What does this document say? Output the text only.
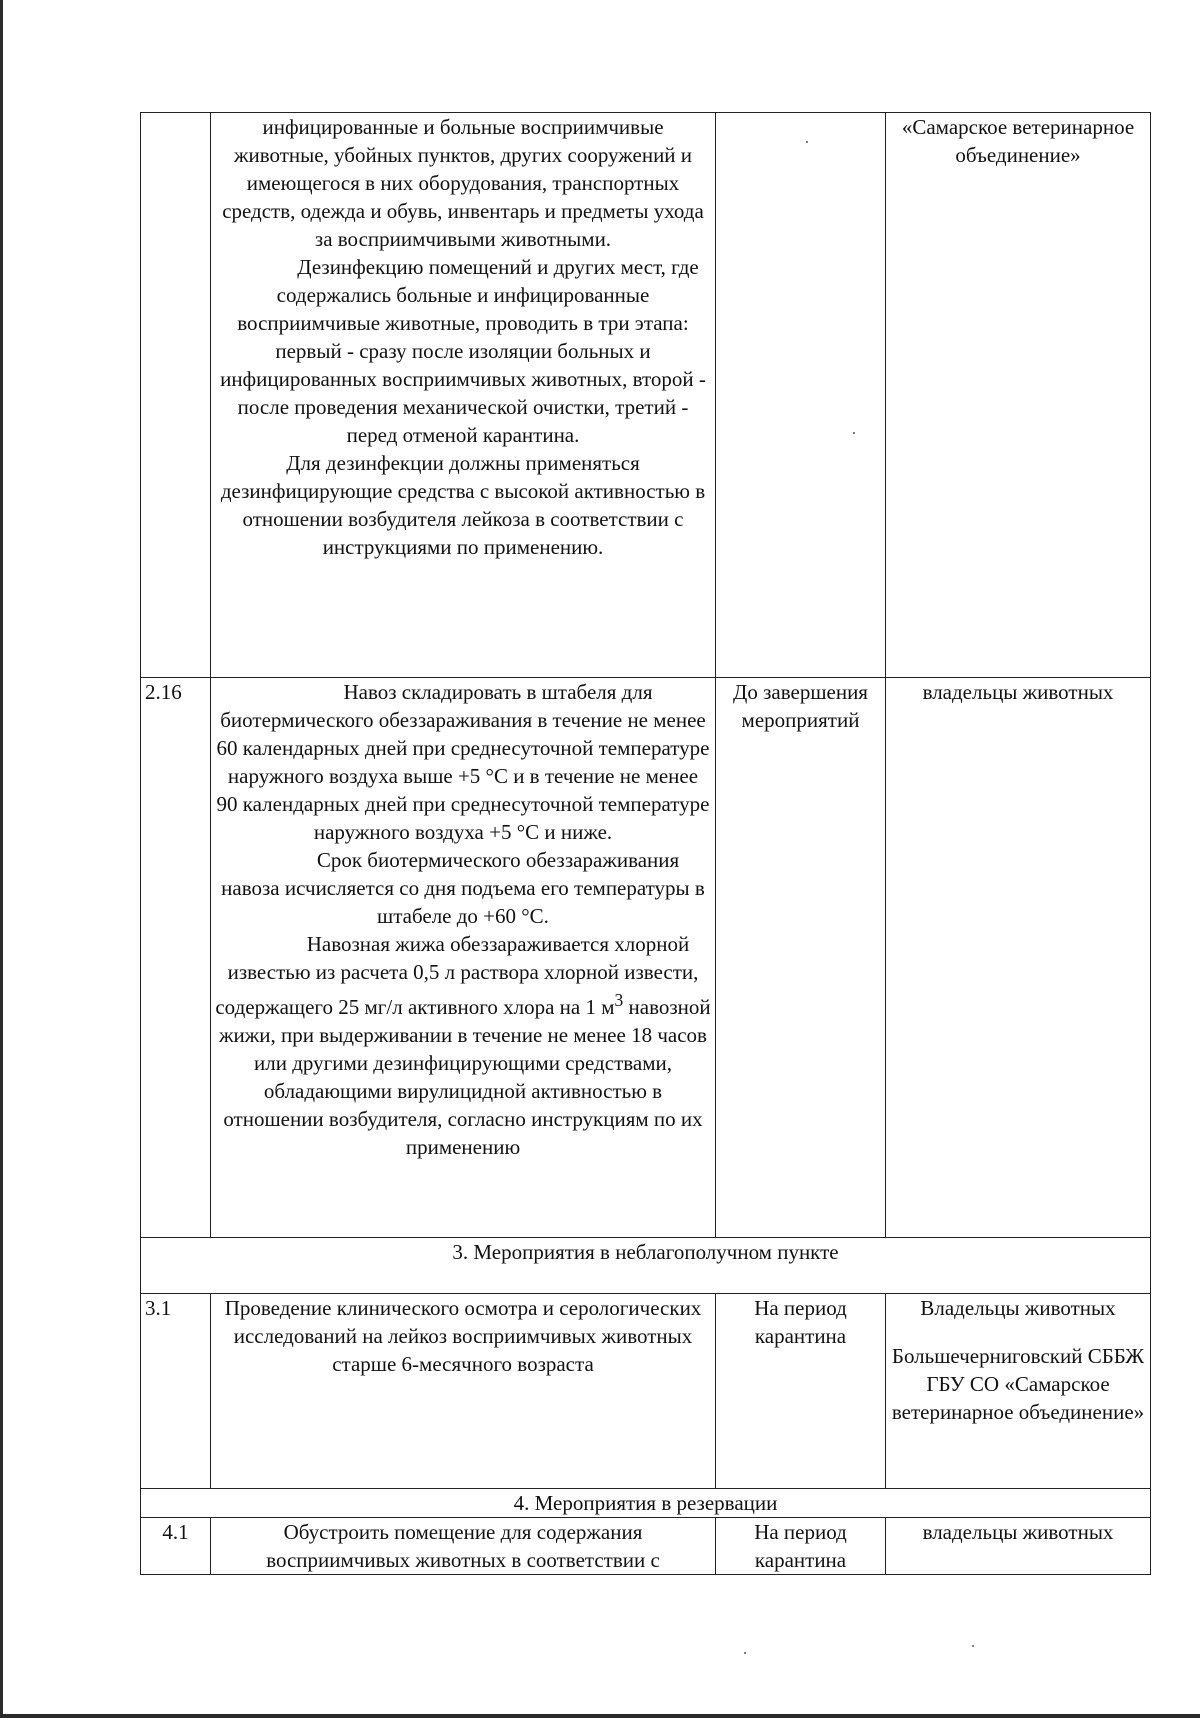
	инфицированные и больные восприимчивые животные, убойных пунктов, других сооружений и имеющегося в них оборудования, транспортных средств, одежда и обувь, инвентарь и предметы ухода за восприимчивыми животными.

Дезинфекцию помещений и других мест, где содержались больные и инфицированные восприимчивые животные, проводить в три этапа: первый - сразу после изоляции больных и инфицированных восприимчивых животных, второй - после проведения механической очистки, третий - перед отменой карантина.

Для дезинфекции должны применяться дезинфицирующие средства с высокой активностью в отношении возбудителя лейкоза в соответствии с инструкциями по применению.		«Самарское ветеринарное объединение»
2.16	Навоз складировать в штабеля для биотермического обеззараживания в течение не менее 60 календарных дней при среднесуточной температуре наружного воздуха выше +5 °С и в течение не менее 90 календарных дней при среднесуточной температуре наружного воздуха +5 °С и ниже.

Срок биотермического обеззараживания навоза исчисляется со дня подъема его температуры в штабеле до +60 °С.

Навозная жижа обеззараживается хлорной известью из расчета 0,5 л раствора хлорной извести, содержащего 25 мг/л активного хлора на 1 $м^3$ навозной жижи, при выдерживании в течение не менее 18 часов или другими дезинфицирующими средствами, обладающими вирулицидной активностью в отношении возбудителя, согласно инструкциям по их применению	До завершения мероприятий	владельцы животных
3. Мероприятия в неблагополучном пункте			
3.1	Проведение клинического осмотра и серологических исследований на лейкоз восприимчивых животных старше 6-месячного возраста	На период карантина	Владельцы животных

Большечерниговский СББЖ ГБУ СО «Самарское ветеринарное объединение»

4. Мероприятия в резервации			
4.1	Обустроить помещение для содержания восприимчивых животных в соответствии с	На период карантина	владельцы животных
